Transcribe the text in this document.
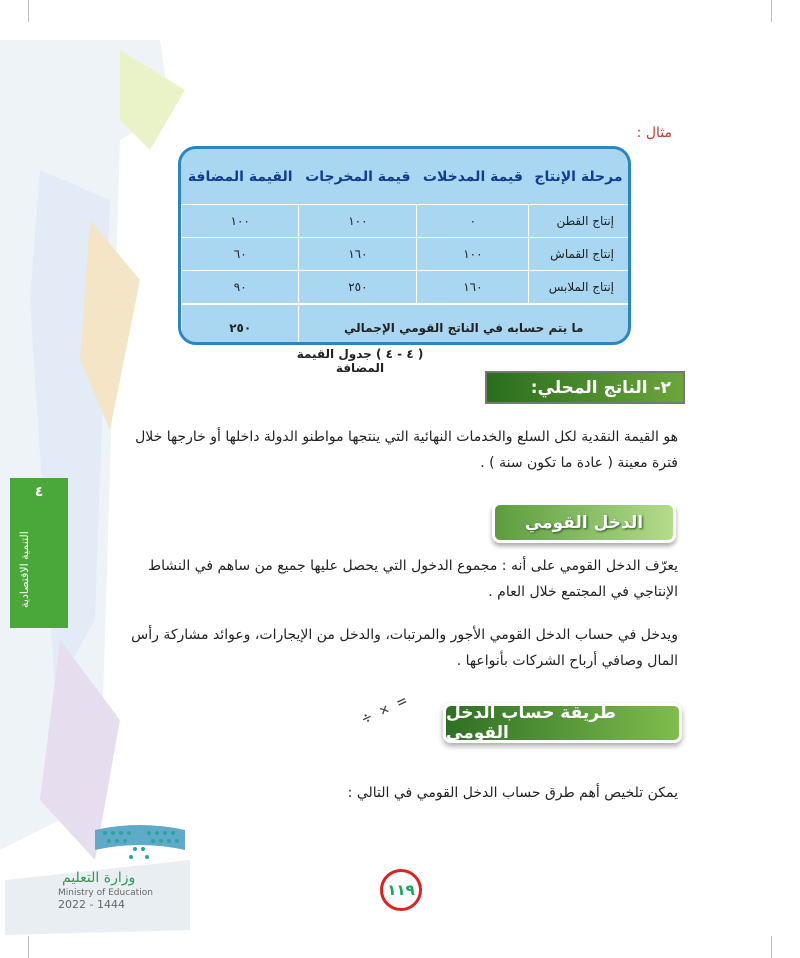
مثال :
مرحلة الإنتاج	قيمة المدخلات	قيمة المخرجات	القيمة المضافة
إنتاج القطن	٠	١٠٠	١٠٠
إنتاج القماش	١٠٠	١٦٠	٦٠
إنتاج الملابس	١٦٠	٢٥٠	٩٠
ما يتم حسابه في الناتج القومي الإجمالي			٢٥٠
( ٤ - ٤ ) جدول القيمة المضافة
٢- الناتج المحلي:
هو القيمة النقدية لكل السلع والخدمات النهائية التي ينتجها مواطنو الدولة داخلها أو خارجها خلال فترة معينة ( عادة ما تكون سنة ) .
الدخل القومي
يعرّف الدخل القومي على أنه : مجموع الدخول التي يحصل عليها جميع من ساهم في النشاط الإنتاجي في المجتمع خلال العام .
ويدخل في حساب الدخل القومي الأجور والمرتبات، والدخل من الإيجارات، وعوائد مشاركة رأس المال وصافي أرباح الشركات بأنواعها .
÷ × = طريقة حساب الدخل القومي
يمكن تلخيص أهم طرق حساب الدخل القومي في التالي :
٤
التنمية الاقتصادية
وزارة التعليم
Ministry of Education
2022 - 1444
١١٩
